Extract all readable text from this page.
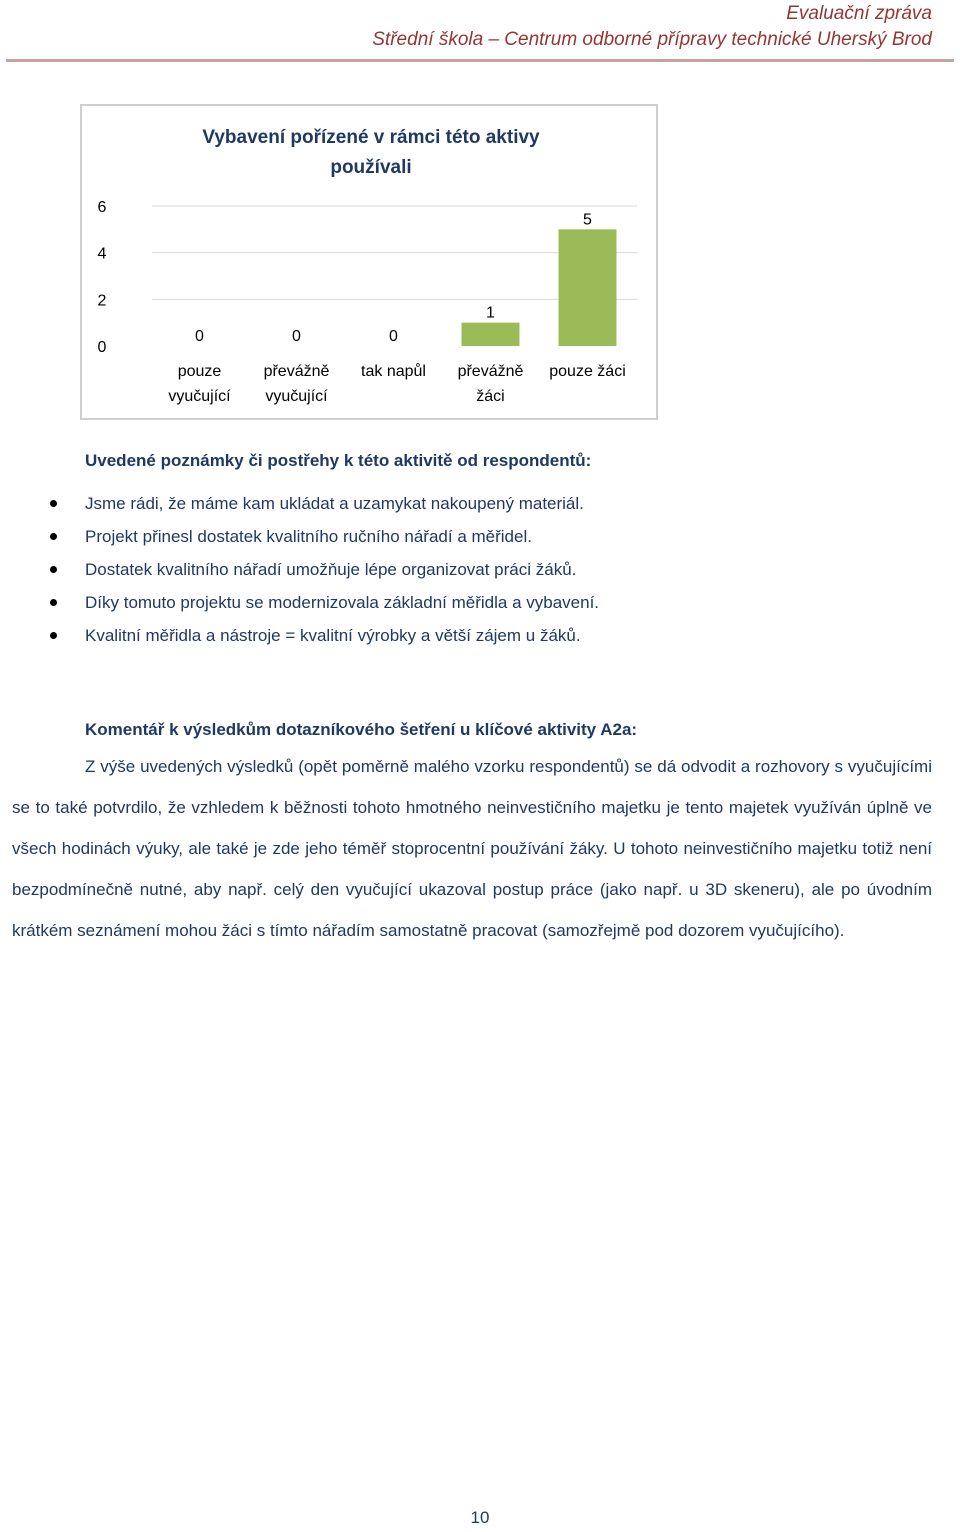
Evaluační zpráva
Střední škola – Centrum odborné přípravy technické Uherský Brod
Vybavení pořízené v rámci této aktivy
používali
0
2
4
6
0
pouze
vyučující
0
převážně
vyučující
0
tak napůl
1
převážně
žáci
5
pouze žáci
Uvedené poznámky či postřehy k této aktivitě od respondentů:
Jsme rádi, že máme kam ukládat a uzamykat nakoupený materiál.
Projekt přinesl dostatek kvalitního ručního nářadí a měřidel.
Dostatek kvalitního nářadí umožňuje lépe organizovat práci žáků.
Díky tomuto projektu se modernizovala základní měřidla a vybavení.
Kvalitní měřidla a nástroje = kvalitní výrobky a větší zájem u žáků.
Komentář k výsledkům dotazníkového šetření u klíčové aktivity A2a:

Z výše uvedených výsledků (opět poměrně malého vzorku respondentů) se dá odvodit a rozhovory s vyučujícími se to také potvrdilo, že vzhledem k běžnosti tohoto hmotného neinvestičního majetku je tento majetek využíván úplně ve všech hodinách výuky, ale také je zde jeho téměř stoprocentní používání žáky. U tohoto neinvestičního majetku totiž není bezpodmínečně nutné, aby např. celý den vyučující ukazoval postup práce (jako např. u 3D skeneru), ale po úvodním krátkém seznámení mohou žáci s tímto nářadím samostatně pracovat (samozřejmě pod dozorem vyučujícího).

10
